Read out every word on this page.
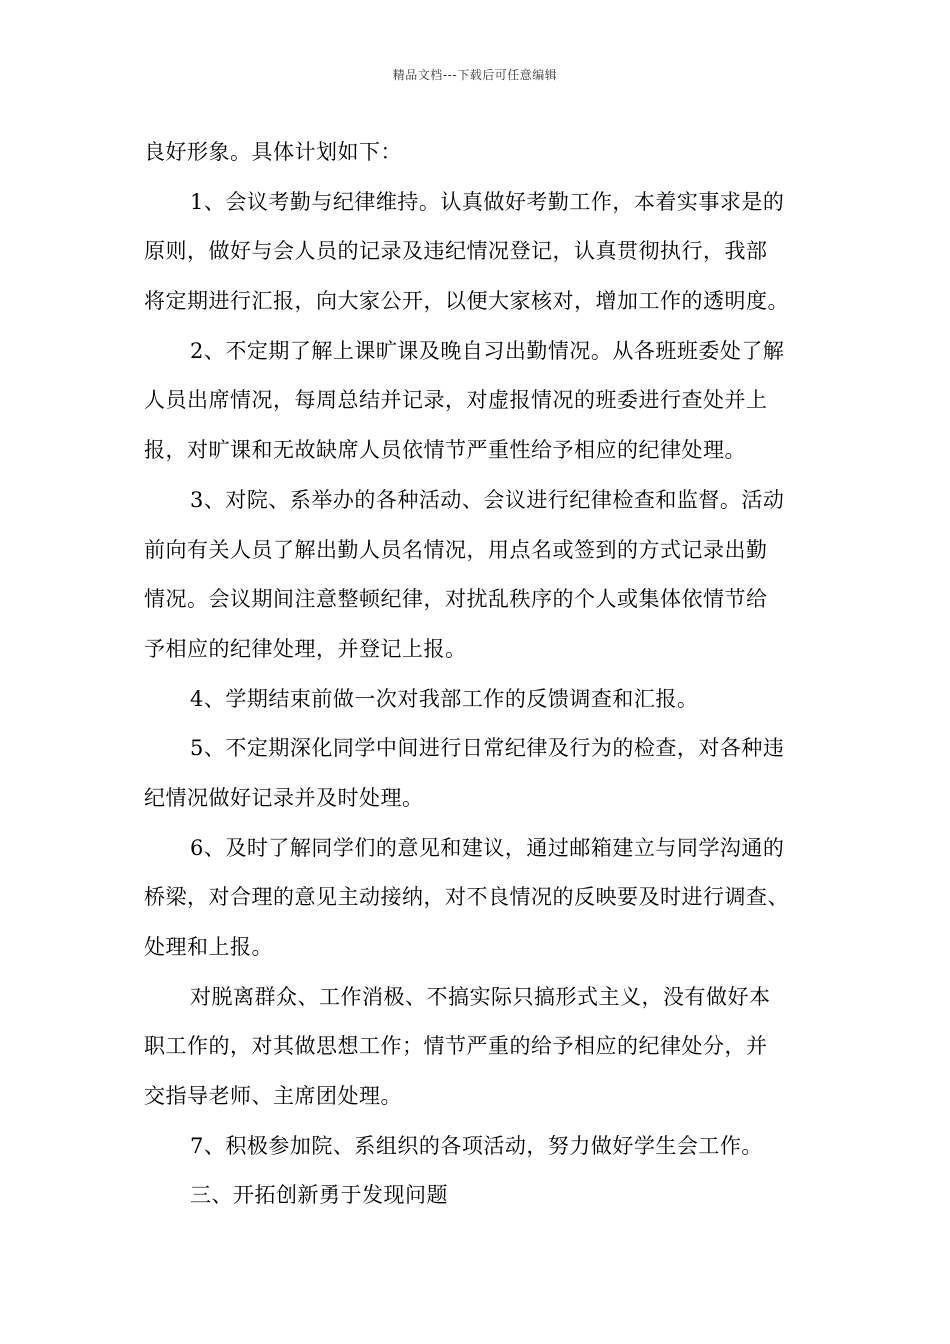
精品文档---下载后可任意编辑
良好形象。具体计划如下：
1、会议考勤与纪律维持。认真做好考勤工作，本着实事求是的
原则，做好与会人员的记录及违纪情况登记，认真贯彻执行，我部
将定期进行汇报，向大家公开，以便大家核对，增加工作的透明度。
2、不定期了解上课旷课及晚自习出勤情况。从各班班委处了解
人员出席情况，每周总结并记录，对虚报情况的班委进行查处并上
报，对旷课和无故缺席人员依情节严重性给予相应的纪律处理。
3、对院、系举办的各种活动、会议进行纪律检查和监督。活动
前向有关人员了解出勤人员名情况，用点名或签到的方式记录出勤
情况。会议期间注意整顿纪律，对扰乱秩序的个人或集体依情节给
予相应的纪律处理，并登记上报。
4、学期结束前做一次对我部工作的反馈调查和汇报。
5、不定期深化同学中间进行日常纪律及行为的检查，对各种违
纪情况做好记录并及时处理。
6、及时了解同学们的意见和建议，通过邮箱建立与同学沟通的
桥梁，对合理的意见主动接纳，对不良情况的反映要及时进行调查、
处理和上报。
对脱离群众、工作消极、不搞实际只搞形式主义，没有做好本
职工作的，对其做思想工作；情节严重的给予相应的纪律处分，并
交指导老师、主席团处理。
7、积极参加院、系组织的各项活动，努力做好学生会工作。
三、开拓创新勇于发现问题
